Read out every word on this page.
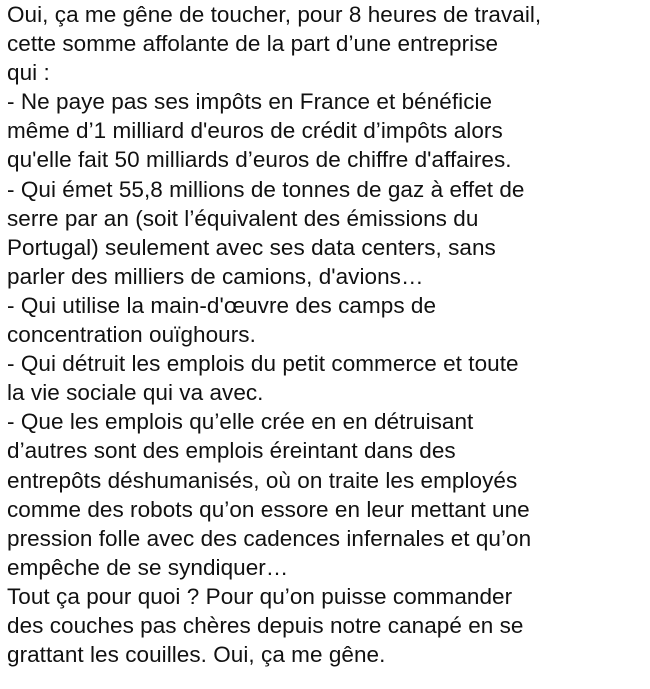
Oui, ça me gêne de toucher, pour 8 heures de travail,
cette somme affolante de la part d’une entreprise
qui :
- Ne paye pas ses impôts en France et bénéficie
même d’1 milliard d'euros de crédit d’impôts alors
qu'elle fait 50 milliards d’euros de chiffre d'affaires.
- Qui émet 55,8 millions de tonnes de gaz à effet de
serre par an (soit l’équivalent des émissions du
Portugal) seulement avec ses data centers, sans
parler des milliers de camions, d'avions…
- Qui utilise la main-d'œuvre des camps de
concentration ouïghours.
- Qui détruit les emplois du petit commerce et toute
la vie sociale qui va avec.
- Que les emplois qu’elle crée en en détruisant
d’autres sont des emplois éreintant dans des
entrepôts déshumanisés, où on traite les employés
comme des robots qu’on essore en leur mettant une
pression folle avec des cadences infernales et qu’on
empêche de se syndiquer…
Tout ça pour quoi ? Pour qu’on puisse commander
des couches pas chères depuis notre canapé en se
grattant les couilles. Oui, ça me gêne.
